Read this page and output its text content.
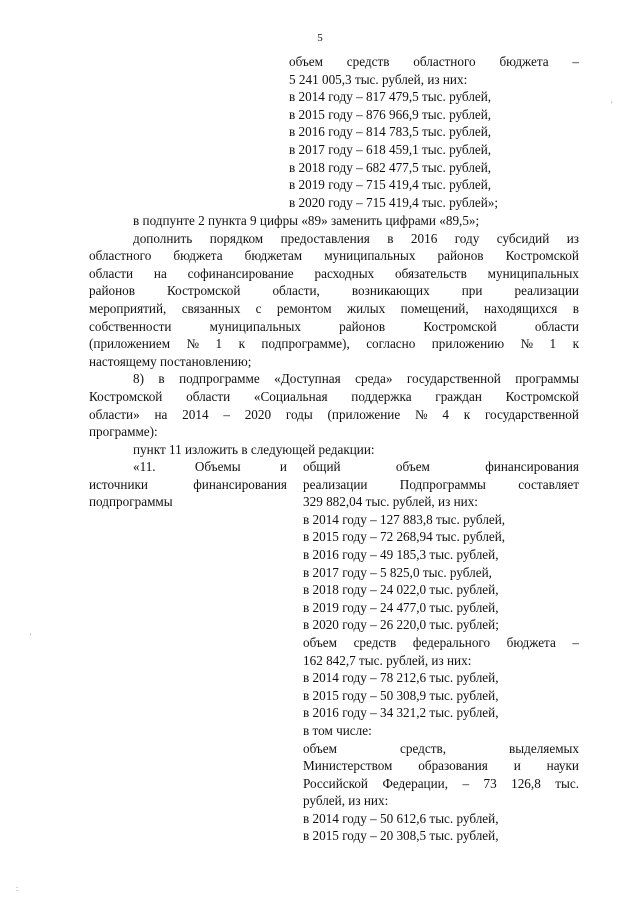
5
объем средств областного бюджета –
5 241 005,3 тыс. рублей, из них:
в 2014 году – 817 479,5 тыс. рублей,
в 2015 году – 876 966,9 тыс. рублей,
в 2016 году – 814 783,5 тыс. рублей,
в 2017 году – 618 459,1 тыс. рублей,
в 2018 году – 682 477,5 тыс. рублей,
в 2019 году – 715 419,4 тыс. рублей,
в 2020 году – 715 419,4 тыс. рублей»;
в подпунте 2 пункта 9 цифры «89» заменить цифрами «89,5»;
дополнить порядком предоставления в 2016 году субсидий из
областного бюджета бюджетам муниципальных районов Костромской
области на софинансирование расходных обязательств муниципальных
районов Костромской области, возникающих при реализации
мероприятий, связанных с ремонтом жилых помещений, находящихся в
собственности	муниципальных	районов	Костромской	области
(приложением № 1 к подпрограмме), согласно приложению № 1 к
настоящему постановлению;
8) в подпрограмме «Доступная среда» государственной программы
Костромской области «Социальная поддержка граждан Костромской
области» на 2014 – 2020 годы (приложение № 4 к государственной
программе):
пункт 11 изложить в следующей редакции:
«11.	Объемы	и
источники	финансирования
подпрограммы
общий	объем	финансирования
реализации Подпрограммы составляет
329 882,04 тыс. рублей, из них:
в 2014 году – 127 883,8 тыс. рублей,
в 2015 году – 72 268,94 тыс. рублей,
в 2016 году – 49 185,3 тыс. рублей,
в 2017 году – 5 825,0 тыс. рублей,
в 2018 году – 24 022,0 тыс. рублей,
в 2019 году – 24 477,0 тыс. рублей,
в 2020 году – 26 220,0 тыс. рублей;
объем средств федерального бюджета –
162 842,7 тыс. рублей, из них:
в 2014 году – 78 212,6 тыс. рублей,
в 2015 году – 50 308,9 тыс. рублей,
в 2016 году – 34 321,2 тыс. рублей,
в том числе:
объем	средств,	выделяемых
Министерством образования и науки
Российской Федерации, – 73 126,8 тыс.
рублей, из них:
в 2014 году – 50 612,6 тыс. рублей,
в 2015 году – 20 308,5 тыс. рублей,
'
'
:
